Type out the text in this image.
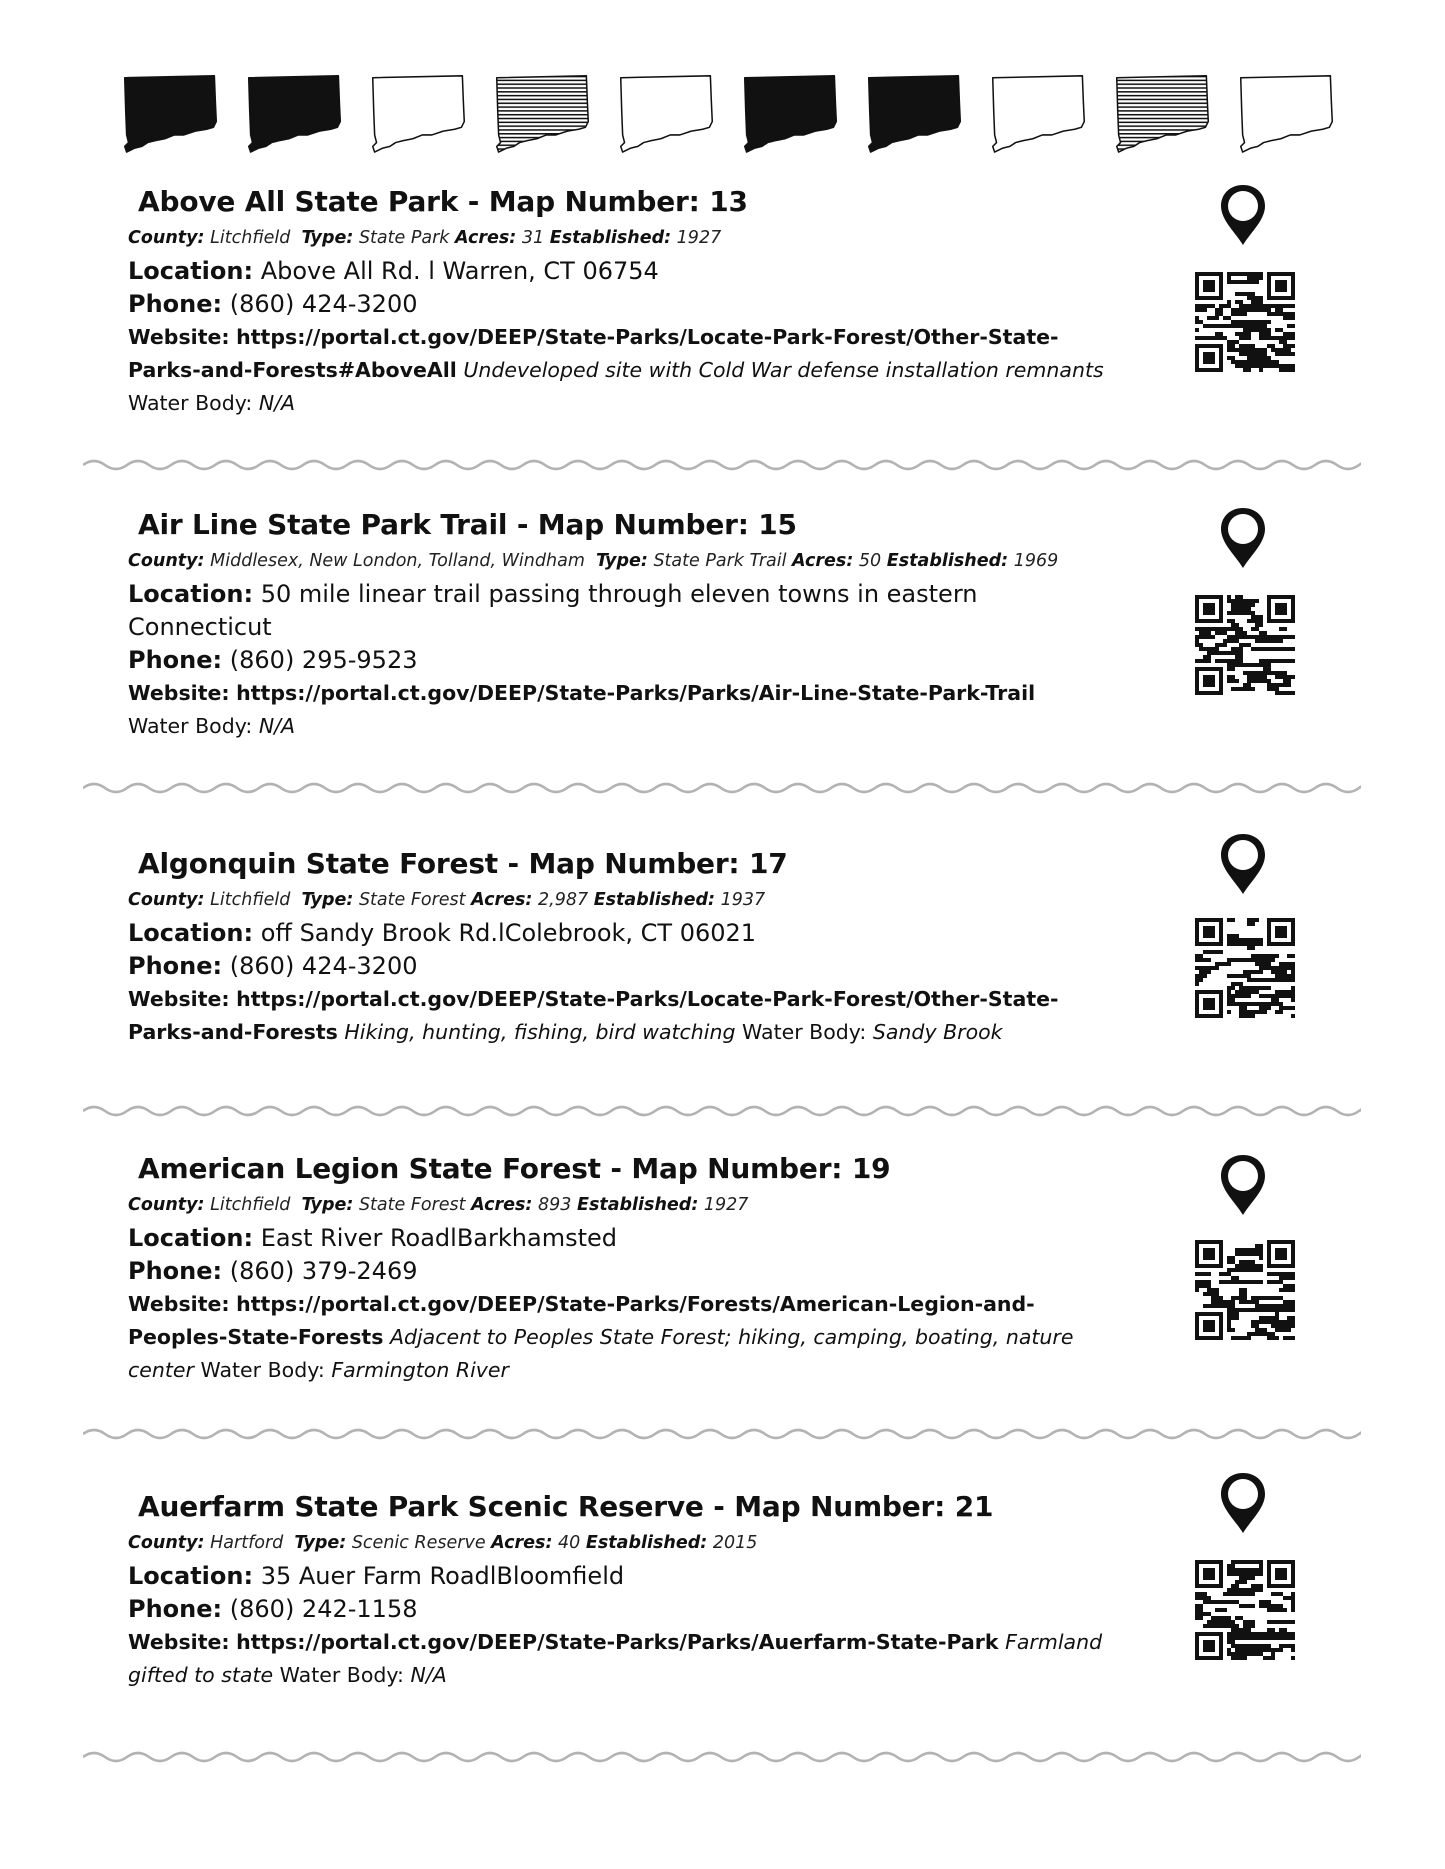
Above All State Park - Map Number: 13
County: Litchfield Type: State Park Acres: 31 Established: 1927
Location: Above All Rd. l Warren, CT 06754
Phone: (860) 424-3200
Website: https://portal.ct.gov/DEEP/State-​Parks/Locate-​Park-​Forest/Other-​State-​Parks-​and-​Forests#AboveAll Undeveloped site with Cold War defense installation remnants Water Body: N/A
Air Line State Park Trail - Map Number: 15
County: Middlesex, New London, Tolland, Windham Type: State Park Trail Acres: 50 Established: 1969
Location: 50 mile linear trail passing through eleven towns in eastern Connecticut
Phone: (860) 295-9523
Website: https://portal.ct.gov/DEEP/State-​Parks/Parks/Air-​Line-​State-​Park-​Trail
Water Body: N/A
Algonquin State Forest - Map Number: 17
County: Litchfield Type: State Forest Acres: 2,987 Established: 1937
Location: off Sandy Brook Rd.lColebrook, CT 06021
Phone: (860) 424-3200
Website: https://portal.ct.gov/DEEP/State-​Parks/Locate-​Park-​Forest/Other-​State-​Parks-​and-​Forests Hiking, hunting, fishing, bird watching Water Body: Sandy Brook
American Legion State Forest - Map Number: 19
County: Litchfield Type: State Forest Acres: 893 Established: 1927
Location: East River RoadlBarkhamsted
Phone: (860) 379-2469
Website: https://portal.ct.gov/DEEP/State-​Parks/Forests/American-​Legion-​and-​Peoples-​State-​Forests Adjacent to Peoples State Forest; hiking, camping, boating, nature center Water Body: Farmington River
Auerfarm State Park Scenic Reserve - Map Number: 21
County: Hartford Type: Scenic Reserve Acres: 40 Established: 2015
Location: 35 Auer Farm RoadlBloomfield
Phone: (860) 242-1158
Website: https://portal.ct.gov/DEEP/State-​Parks/Parks/Auerfarm-​State-​Park Farmland gifted to state Water Body: N/A
